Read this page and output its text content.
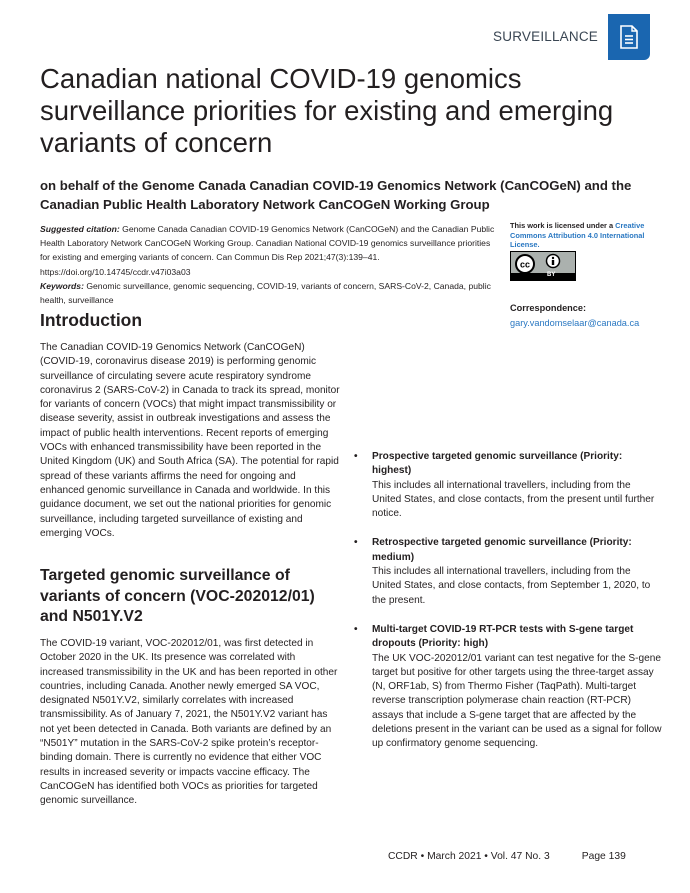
SURVEILLANCE
Canadian national COVID-19 genomics surveillance priorities for existing and emerging variants of concern
on behalf of the Genome Canada Canadian COVID-19 Genomics Network (CanCOGeN) and the Canadian Public Health Laboratory Network CanCOGeN Working Group
Suggested citation: Genome Canada Canadian COVID-19 Genomics Network (CanCOGeN) and the Canadian Public Health Laboratory Network CanCOGeN Working Group. Canadian National COVID-19 genomics surveillance priorities for existing and emerging variants of concern. Can Commun Dis Rep 2021;47(3):139–41. https://doi.org/10.14745/ccdr.v47i03a03
Keywords: Genomic surveillance, genomic sequencing, COVID-19, variants of concern, SARS-CoV-2, Canada, public health, surveillance
This work is licensed under a Creative Commons Attribution 4.0 International License.
cc
BY
Correspondence:
gary.vandomselaar@canada.ca
Introduction

The Canadian COVID-19 Genomics Network (CanCOGeN) (COVID-19, coronavirus disease 2019) is performing genomic surveillance of circulating severe acute respiratory syndrome coronavirus 2 (SARS-CoV-2) in Canada to track its spread, monitor for variants of concern (VOCs) that might impact transmissibility or disease severity, assist in outbreak investigations and assess the impact of public health interventions. Recent reports of emerging VOCs with enhanced transmissibility have been reported in the United Kingdom (UK) and South Africa (SA). The potential for rapid spread of these variants affirms the need for ongoing and enhanced genomic surveillance in Canada and worldwide. In this guidance document, we set out the national priorities for genomic surveillance, including targeted surveillance of existing and emerging VOCs.

Targeted genomic surveillance of variants of concern (VOC-202012/01) and N501Y.V2

The COVID-19 variant, VOC-202012/01, was first detected in October 2020 in the UK. Its presence was correlated with increased transmissibility in the UK and has been reported in other countries, including Canada. Another newly emerged SA VOC, designated N501Y.V2, similarly correlates with increased transmissibility. As of January 7, 2021, the N501Y.V2 variant has not yet been detected in Canada. Both variants are defined by an “N501Y” mutation in the SARS-CoV-2 spike protein’s receptor-binding domain. There is currently no evidence that either VOC results in increased severity or impacts vaccine efficacy. The CanCOGeN has identified both VOCs as priorities for targeted genomic surveillance.

• Prospective targeted genomic surveillance (Priority: highest)
This includes all international travellers, including from the United States, and close contacts, from the present until further notice.
• Retrospective targeted genomic surveillance (Priority: medium)
This includes all international travellers, including from the United States, and close contacts, from September 1, 2020, to the present.
• Multi-target COVID-19 RT-PCR tests with S-gene target dropouts (Priority: high)
The UK VOC-202012/01 variant can test negative for the S-gene target but positive for other targets using the three-target assay (N, ORF1ab, S) from Thermo Fisher (TaqPath). Multi-target reverse transcription polymerase chain reaction (RT-PCR) assays that include a S-gene target that are affected by the deletions present in the variant can be used as a signal for follow up confirmatory genome sequencing.
CCDR • March 2021 • Vol. 47 No. 3	Page 139
